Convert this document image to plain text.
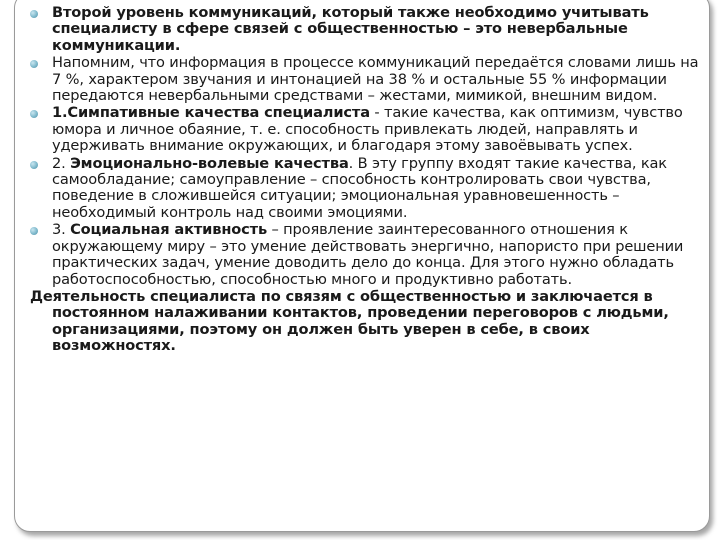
Второй уровень коммуникаций, который также необходимо учитывать специалисту в сфере связей с общественностью – это невербальные коммуникации.
Напомним, что информация в процессе коммуникаций передаётся словами лишь на 7 %, характером звучания и интонацией на 38 % и остальные 55 % информации передаются невербальными средствами – жестами, мимикой, внешним видом.
1.Симпативные качества специалиста - такие качества, как оптимизм, чувство юмора и личное обаяние, т. е. способность привлекать людей, направлять и удерживать внимание окружающих, и благодаря этому завоёвывать успех.
2. Эмоционально-волевые качества. В эту группу входят такие качества, как самообладание; самоуправление – способность контролировать свои чувства, поведение в сложившейся ситуации; эмоциональная уравновешенность – необходимый контроль над своими эмоциями.
3. Социальная активность – проявление заинтересованного отношения к окружающему миру – это умение действовать энергично, напористо при решении практических задач, умение доводить дело до конца. Для этого нужно обладать работоспособностью, способностью много и продуктивно работать.
Деятельность специалиста по связям с общественностью и заключается в постоянном налаживании контактов, проведении переговоров с людьми, организациями, поэтому он должен быть уверен в себе, в своих возможностях.
